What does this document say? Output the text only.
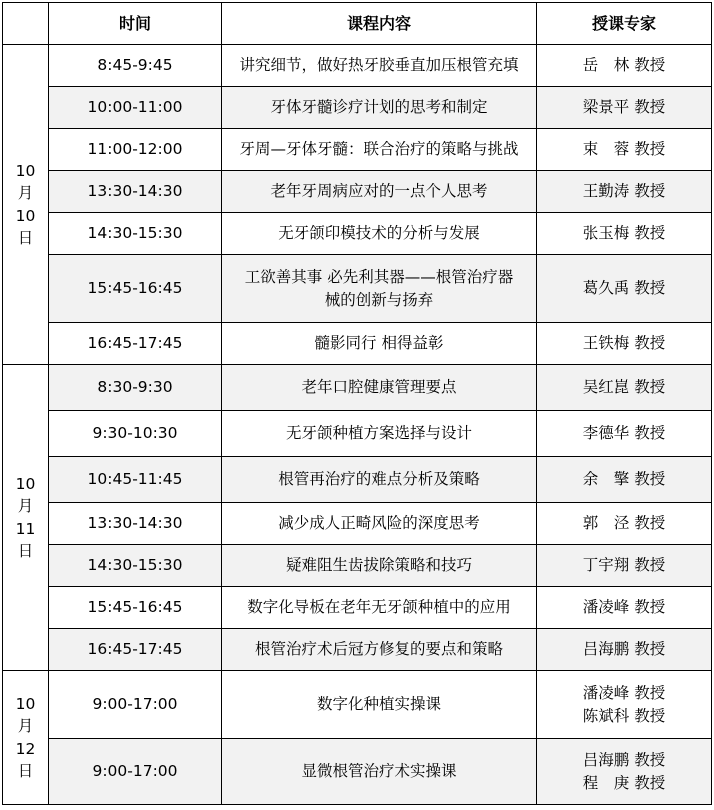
	时间	课程内容	授课专家

10
月
10
日	8:45-9:45	讲究细节，做好热牙胶垂直加压根管充填	岳　林 教授

	10:00-11:00	牙体牙髓诊疗计划的思考和制定	梁景平 教授

	11:00-12:00	牙周—牙体牙髓：联合治疗的策略与挑战	束　蓉 教授

	13:30-14:30	老年牙周病应对的一点个人思考	王勤涛 教授

	14:30-15:30	无牙颌印模技术的分析与发展	张玉梅 教授

	15:45-16:45	工欲善其事 必先利其器——根管治疗器
械的创新与扬弃	葛久禹 教授

	16:45-17:45	髓影同行 相得益彰	王铁梅 教授

10
月
11
日	8:30-9:30	老年口腔健康管理要点	吴红崑 教授

	9:30-10:30	无牙颌种植方案选择与设计	李德华 教授

	10:45-11:45	根管再治疗的难点分析及策略	余　擎 教授

	13:30-14:30	减少成人正畸风险的深度思考	郭　泾 教授

	14:30-15:30	疑难阻生齿拔除策略和技巧	丁宇翔 教授

	15:45-16:45	数字化导板在老年无牙颌种植中的应用	潘凌峰 教授

	16:45-17:45	根管治疗术后冠方修复的要点和策略	吕海鹏 教授

10
月
12
日	9:00-17:00	数字化种植实操课	潘凌峰 教授
陈斌科 教授

	9:00-17:00	显微根管治疗术实操课	吕海鹏 教授
程　庚 教授
